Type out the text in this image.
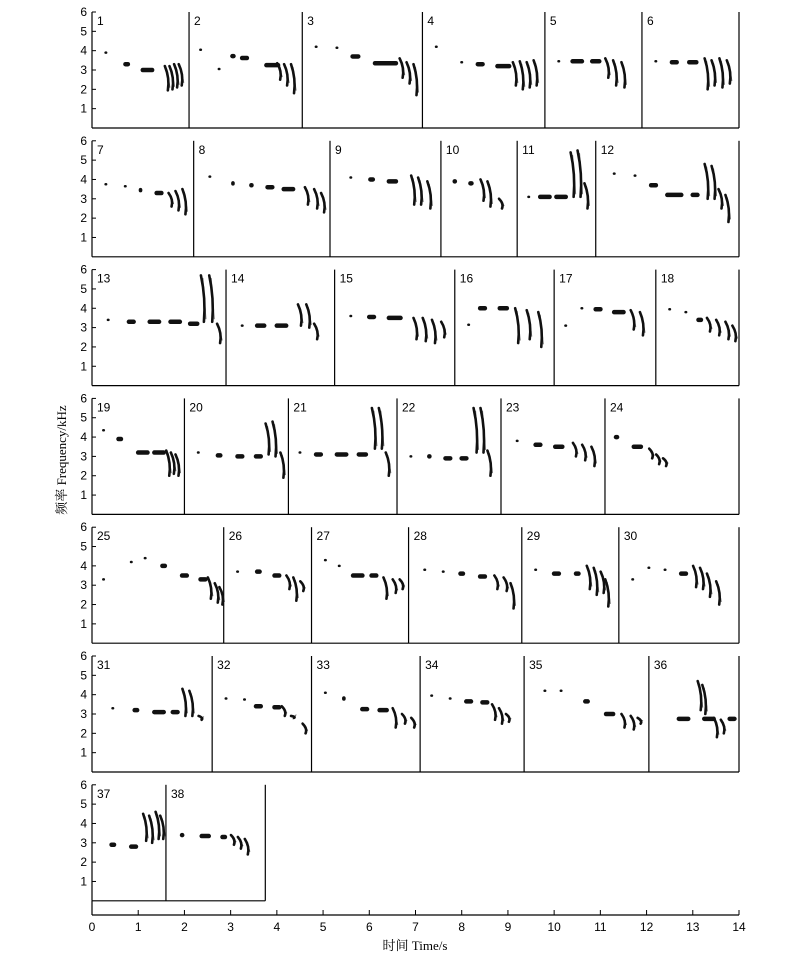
1
2
3
4
5
6
1	2	3	4	5	6
1
2
3
4
5
6
7	8	9	10	11	12
1
2
3
4
5
6
13	14	15	16	17	18
1
2
3
4
5
6
19	20	21	22	23	24
1
2
3
4
5
6
25	26	27	28	29	30
1
2
3
4
5
6
31	32	33	34	35	36
1
2
3
4
5
6
37	38
0	1	2	3	4	5	6	7	8	9	10	11	12	13	14
时间 Time/s
频率 Frequency/kHz
